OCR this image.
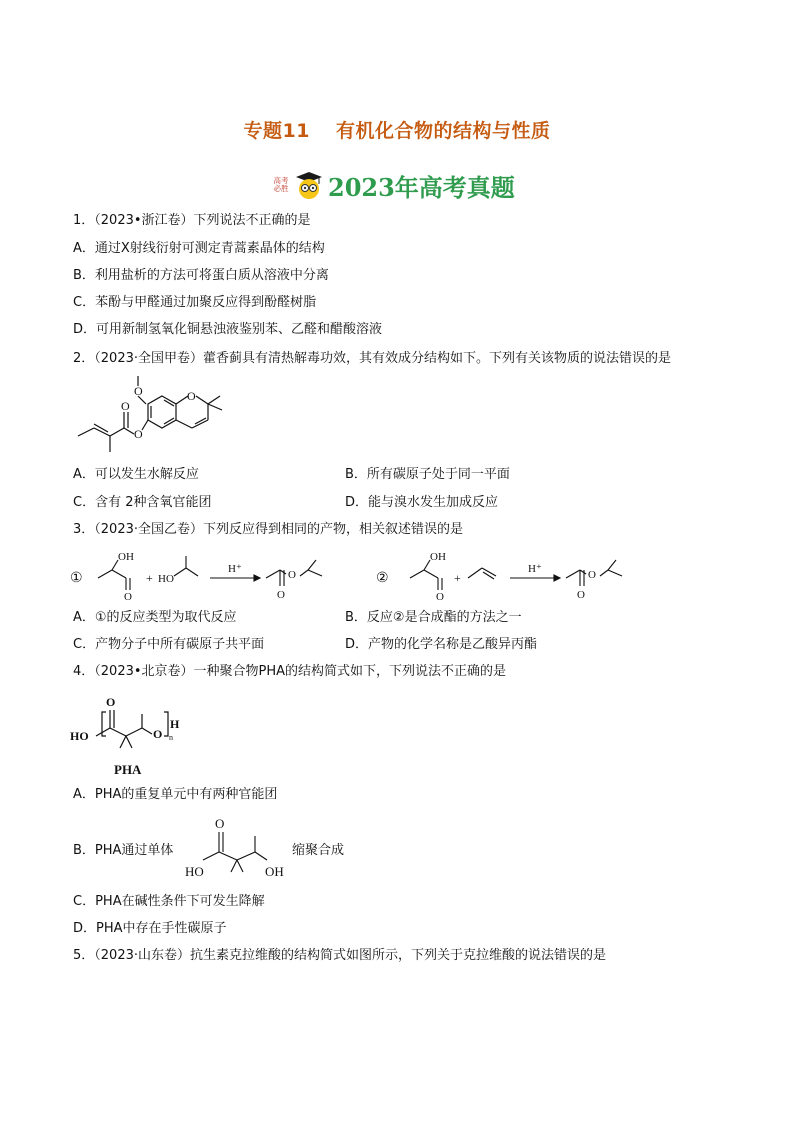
专题11 有机化合物的结构与性质
高考
必胜 2023年高考真题
1．（2023•浙江卷）下列说法不正确的是
A．通过X射线衍射可测定青蒿素晶体的结构
B．利用盐析的方法可将蛋白质从溶液中分离
C．苯酚与甲醛通过加聚反应得到酚醛树脂
D．可用新制氢氧化铜悬浊液鉴别苯、乙醛和醋酸溶液
2．（2023·全国甲卷）藿香蓟具有清热解毒功效，其有效成分结构如下。下列有关该物质的说法错误的是
O	O
O
O
A．可以发生水解反应	B．所有碳原子处于同一平面
C．含有 2种含氧官能团	D．能与溴水发生加成反应
3．（2023·全国乙卷）下列反应得到相同的产物，相关叙述错误的是
①
OH
O
+ HO
H⁺	O
O
②
OH
O
+
H⁺	O
O
A．①的反应类型为取代反应	B．反应②是合成酯的方法之一
C．产物分子中所有碳原子共平面	D．产物的化学名称是乙酸异丙酯
4．（2023•北京卷）一种聚合物PHA的结构简式如下，下列说法不正确的是
O
HO	O
H
n
PHA
A．PHA的重复单元中有两种官能团
B．PHA通过单体
O
HO	OH
缩聚合成
C．PHA在碱性条件下可发生降解
D．PHA中存在手性碳原子
5．（2023·山东卷）抗生素克拉维酸的结构简式如图所示，下列关于克拉维酸的说法错误的是
